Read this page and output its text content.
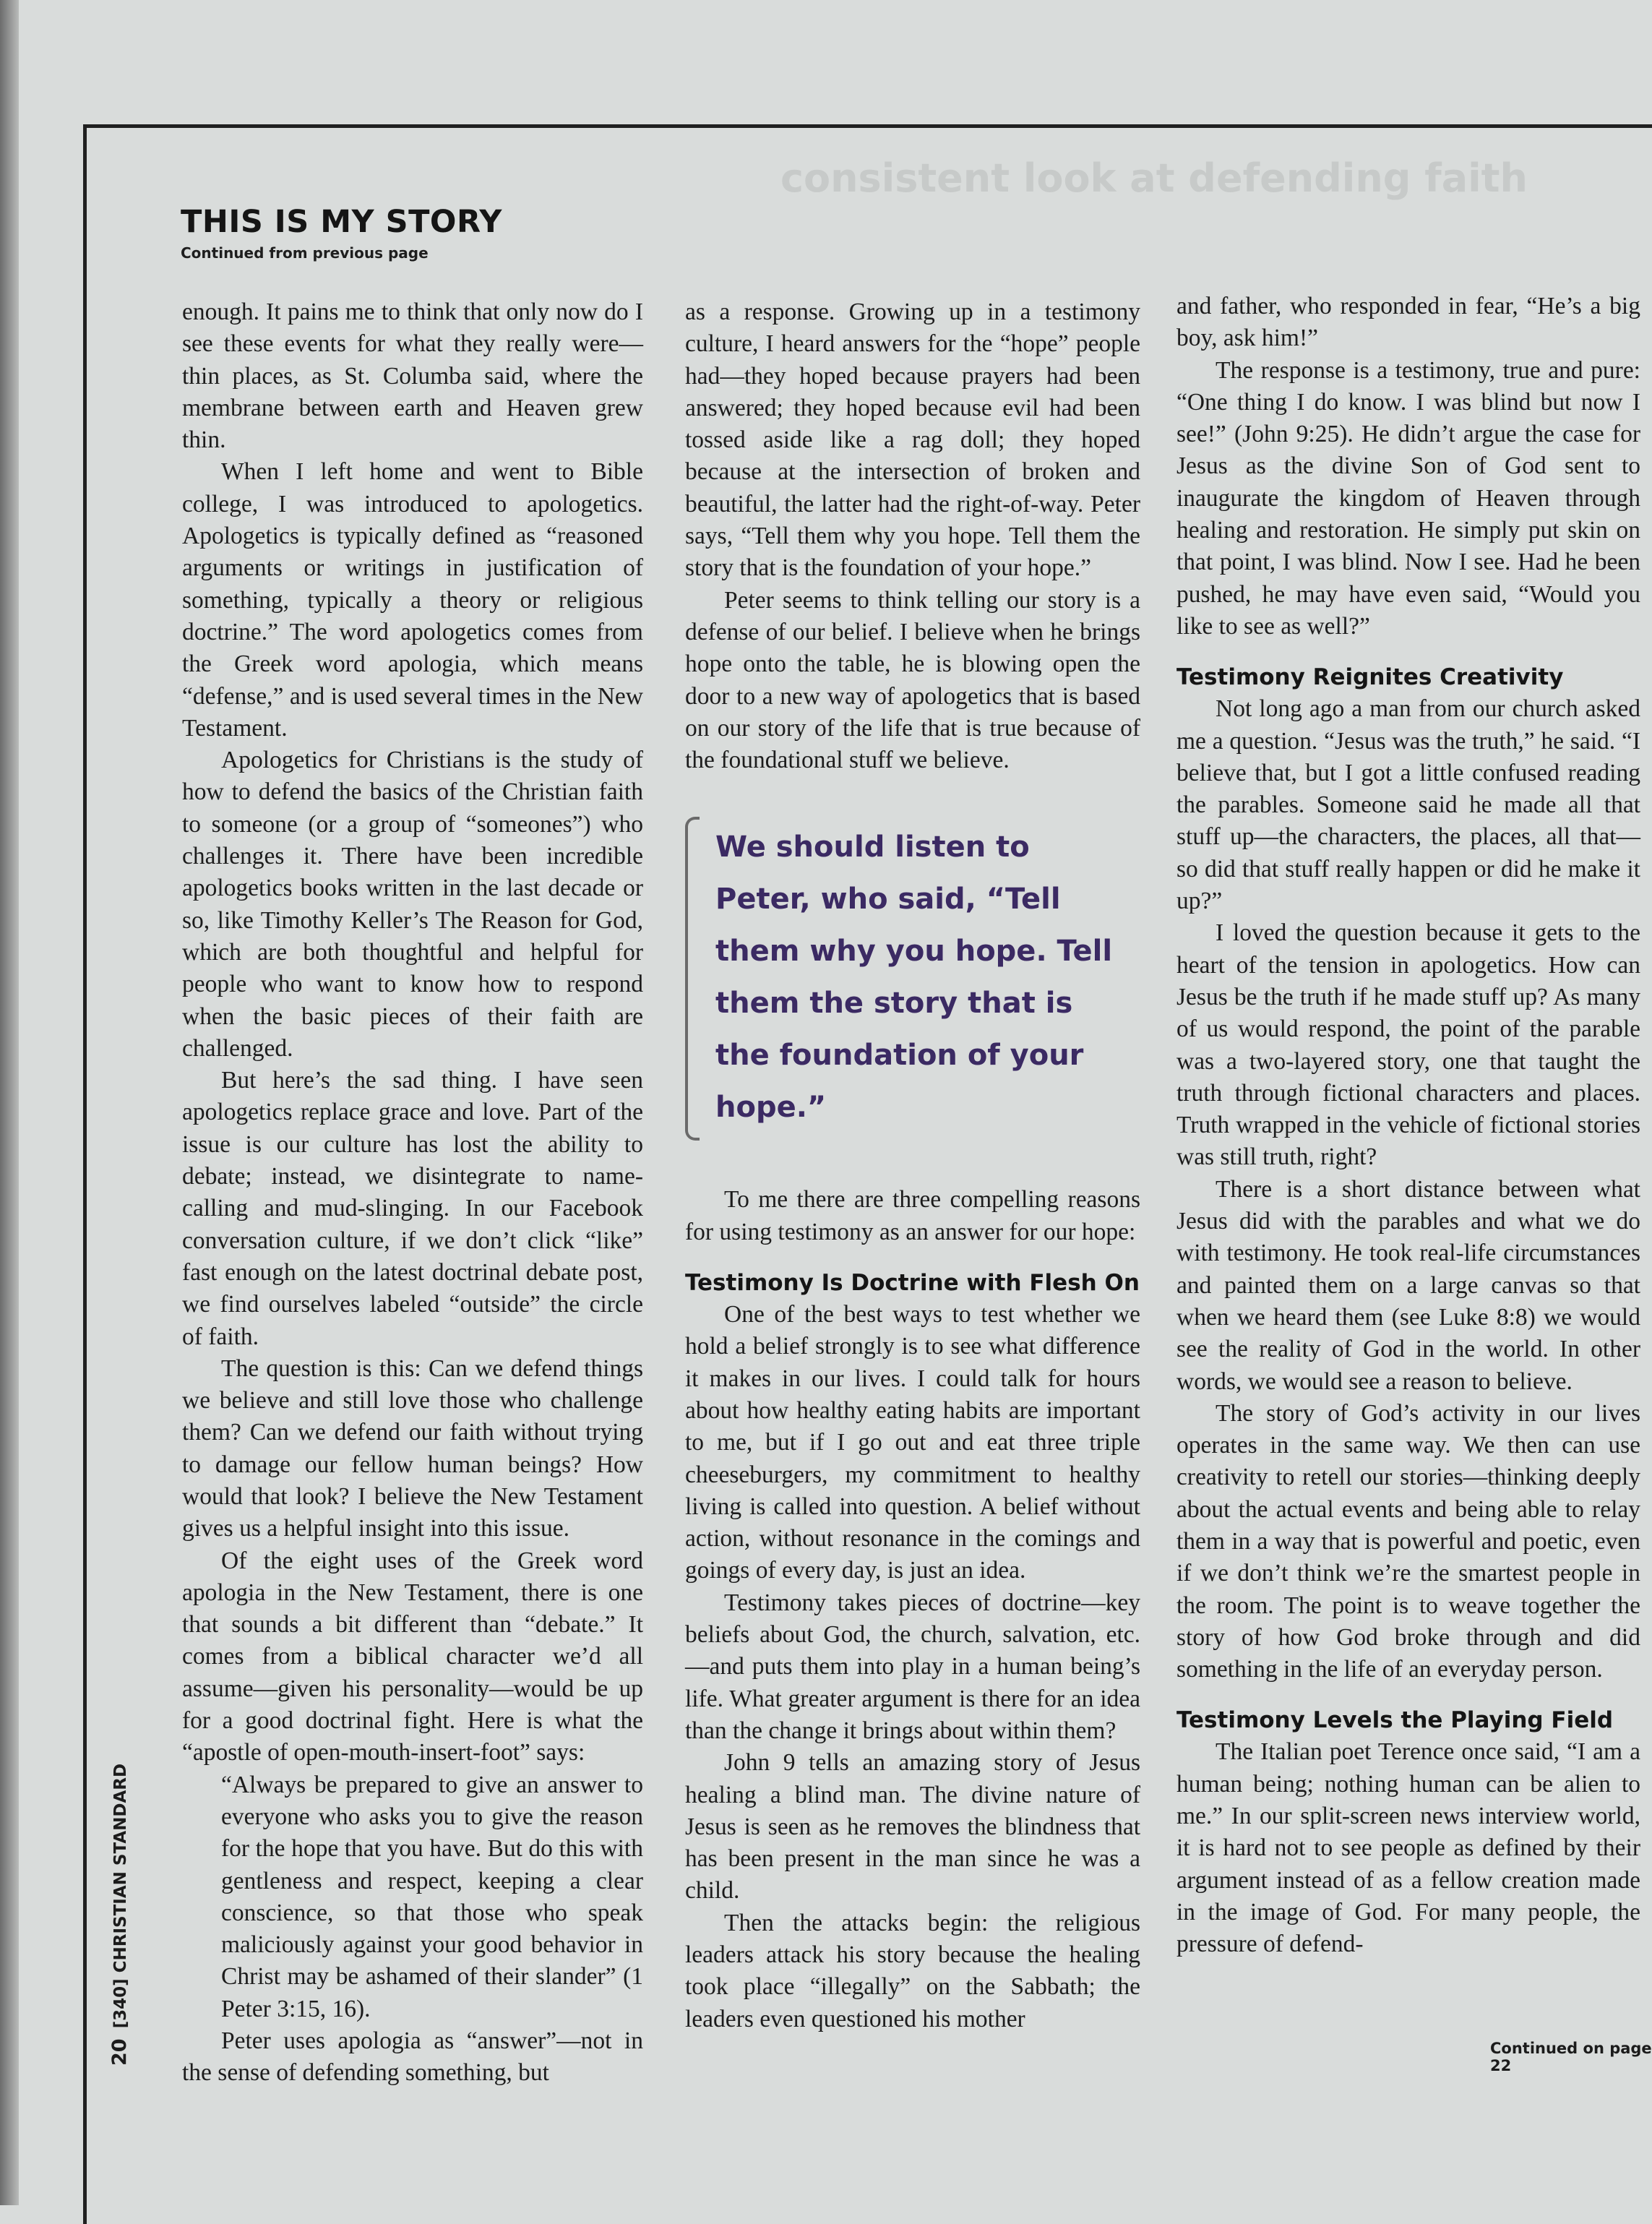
consistent look at defending faith
THIS IS MY STORY
Continued from previous page

enough. It pains me to think that only now do I see these events for what they really were—thin places, as St. Columba said, where the membrane between earth and Heaven grew thin.

When I left home and went to Bible college, I was introduced to apologetics. Apologetics is typically defined as “reasoned arguments or writings in justification of something, typically a theory or religious doctrine.” The word apologetics comes from the Greek word apologia, which means “defense,” and is used several times in the New Testament.

Apologetics for Christians is the study of how to defend the basics of the Christian faith to someone (or a group of “someones”) who challenges it. There have been incredible apologetics books written in the last decade or so, like Timothy Keller’s The Reason for God, which are both thoughtful and helpful for people who want to know how to respond when the basic pieces of their faith are challenged.

But here’s the sad thing. I have seen apologetics replace grace and love. Part of the issue is our culture has lost the ability to debate; instead, we disintegrate to name-calling and mud-slinging. In our Facebook conversation culture, if we don’t click “like” fast enough on the latest doctrinal debate post, we find ourselves labeled “outside” the circle of faith.

The question is this: Can we defend things we believe and still love those who challenge them? Can we defend our faith without trying to damage our fellow human beings? How would that look? I believe the New Testament gives us a helpful insight into this issue.

Of the eight uses of the Greek word apologia in the New Testament, there is one that sounds a bit different than “debate.” It comes from a biblical character we’d all assume—given his personality—would be up for a good doctrinal fight. Here is what the “apostle of open-mouth-insert-foot” says:

“Always be prepared to give an answer to everyone who asks you to give the reason for the hope that you have. But do this with gentleness and respect, keeping a clear conscience, so that those who speak maliciously against your good behavior in Christ may be ashamed of their slander” (1 Peter 3:15, 16).

Peter uses apologia as “answer”—not in the sense of defending something, but

as a response. Growing up in a testimony culture, I heard answers for the “hope” people had—they hoped because prayers had been answered; they hoped because evil had been tossed aside like a rag doll; they hoped because at the intersection of broken and beautiful, the latter had the right-of-way. Peter says, “Tell them why you hope. Tell them the story that is the foundation of your hope.”

Peter seems to think telling our story is a defense of our belief. I believe when he brings hope onto the table, he is blowing open the door to a new way of apologetics that is based on our story of the life that is true because of the foundational stuff we believe.

We should listen to Peter, who said, “Tell them why you hope. Tell them the story that is the foundation of your hope.”

To me there are three compelling reasons for using testimony as an answer for our hope:

Testimony Is Doctrine with Flesh On

One of the best ways to test whether we hold a belief strongly is to see what difference it makes in our lives. I could talk for hours about how healthy eating habits are important to me, but if I go out and eat three triple cheeseburgers, my commitment to healthy living is called into question. A belief without action, without resonance in the comings and goings of every day, is just an idea.

Testimony takes pieces of doctrine—key beliefs about God, the church, salvation, etc.—and puts them into play in a human being’s life. What greater argument is there for an idea than the change it brings about within them?

John 9 tells an amazing story of Jesus healing a blind man. The divine nature of Jesus is seen as he removes the blindness that has been present in the man since he was a child.

Then the attacks begin: the religious leaders attack his story because the healing took place “illegally” on the Sabbath; the leaders even questioned his mother

and father, who responded in fear, “He’s a big boy, ask him!”

The response is a testimony, true and pure: “One thing I do know. I was blind but now I see!” (John 9:25). He didn’t argue the case for Jesus as the divine Son of God sent to inaugurate the kingdom of Heaven through healing and restoration. He simply put skin on that point, I was blind. Now I see. Had he been pushed, he may have even said, “Would you like to see as well?”

Testimony Reignites Creativity

Not long ago a man from our church asked me a question. “Jesus was the truth,” he said. “I believe that, but I got a little confused reading the parables. Someone said he made all that stuff up—the characters, the places, all that—so did that stuff really happen or did he make it up?”

I loved the question because it gets to the heart of the tension in apologetics. How can Jesus be the truth if he made stuff up? As many of us would respond, the point of the parable was a two-layered story, one that taught the truth through fictional characters and places. Truth wrapped in the vehicle of fictional stories was still truth, right?

There is a short distance between what Jesus did with the parables and what we do with testimony. He took real-life circumstances and painted them on a large canvas so that when we heard them (see Luke 8:8) we would see the reality of God in the world. In other words, we would see a reason to believe.

The story of God’s activity in our lives operates in the same way. We then can use creativity to retell our stories—thinking deeply about the actual events and being able to relay them in a way that is powerful and poetic, even if we don’t think we’re the smartest people in the room. The point is to weave together the story of how God broke through and did something in the life of an everyday person.

Testimony Levels the Playing Field

The Italian poet Terence once said, “I am a human being; nothing human can be alien to me.” In our split-screen news interview world, it is hard not to see people as defined by their argument instead of as a fellow creation made in the image of God. For many people, the pressure of defend-

20[340] CHRISTIAN STANDARD
Continued on page 22
